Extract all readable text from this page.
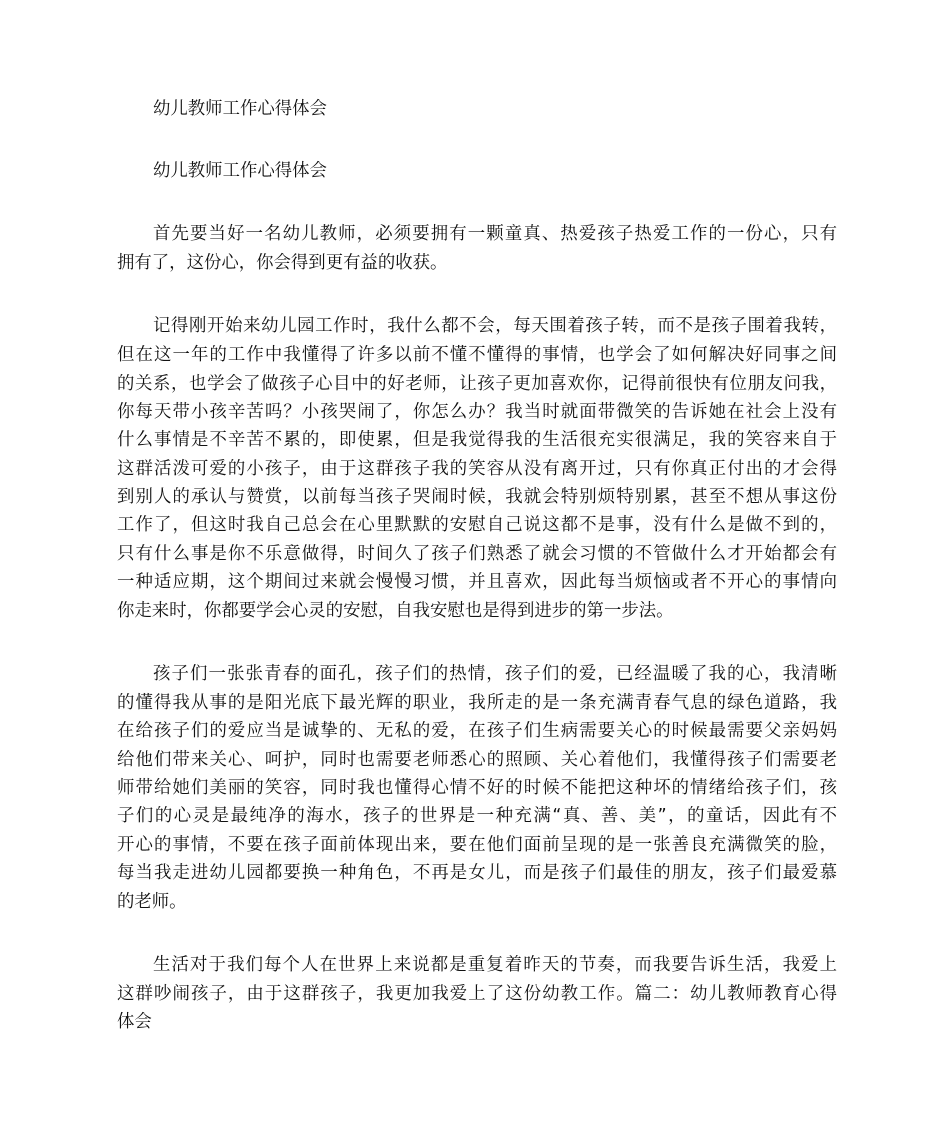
幼儿教师工作心得体会
幼儿教师工作心得体会
首先要当好一名幼儿教师，必须要拥有一颗童真、热爱孩子热爱工作的一份心，只有
拥有了，这份心，你会得到更有益的收获。
记得刚开始来幼儿园工作时，我什么都不会，每天围着孩子转，而不是孩子围着我转，
但在这一年的工作中我懂得了许多以前不懂不懂得的事情，也学会了如何解决好同事之间
的关系，也学会了做孩子心目中的好老师，让孩子更加喜欢你，记得前很快有位朋友问我，
你每天带小孩辛苦吗？小孩哭闹了，你怎么办？我当时就面带微笑的告诉她在社会上没有
什么事情是不辛苦不累的，即使累，但是我觉得我的生活很充实很满足，我的笑容来自于
这群活泼可爱的小孩子，由于这群孩子我的笑容从没有离开过，只有你真正付出的才会得
到别人的承认与赞赏，以前每当孩子哭闹时候，我就会特别烦特别累，甚至不想从事这份
工作了，但这时我自己总会在心里默默的安慰自己说这都不是事，没有什么是做不到的，
只有什么事是你不乐意做得，时间久了孩子们熟悉了就会习惯的不管做什么才开始都会有
一种适应期，这个期间过来就会慢慢习惯，并且喜欢，因此每当烦恼或者不开心的事情向
你走来时，你都要学会心灵的安慰，自我安慰也是得到进步的第一步法。
孩子们一张张青春的面孔，孩子们的热情，孩子们的爱，已经温暖了我的心，我清晰
的懂得我从事的是阳光底下最光辉的职业，我所走的是一条充满青春气息的绿色道路，我
在给孩子们的爱应当是诚挚的、无私的爱，在孩子们生病需要关心的时候最需要父亲妈妈
给他们带来关心、呵护，同时也需要老师悉心的照顾、关心着他们，我懂得孩子们需要老
师带给她们美丽的笑容，同时我也懂得心情不好的时候不能把这种坏的情绪给孩子们，孩
子们的心灵是最纯净的海水，孩子的世界是一种充满“真、善、美”，的童话，因此有不
开心的事情，不要在孩子面前体现出来，要在他们面前呈现的是一张善良充满微笑的脸，
每当我走进幼儿园都要换一种角色，不再是女儿，而是孩子们最佳的朋友，孩子们最爱慕
的老师。
生活对于我们每个人在世界上来说都是重复着昨天的节奏，而我要告诉生活，我爱上
这群吵闹孩子，由于这群孩子，我更加我爱上了这份幼教工作。篇二：幼儿教师教育心得
体会
